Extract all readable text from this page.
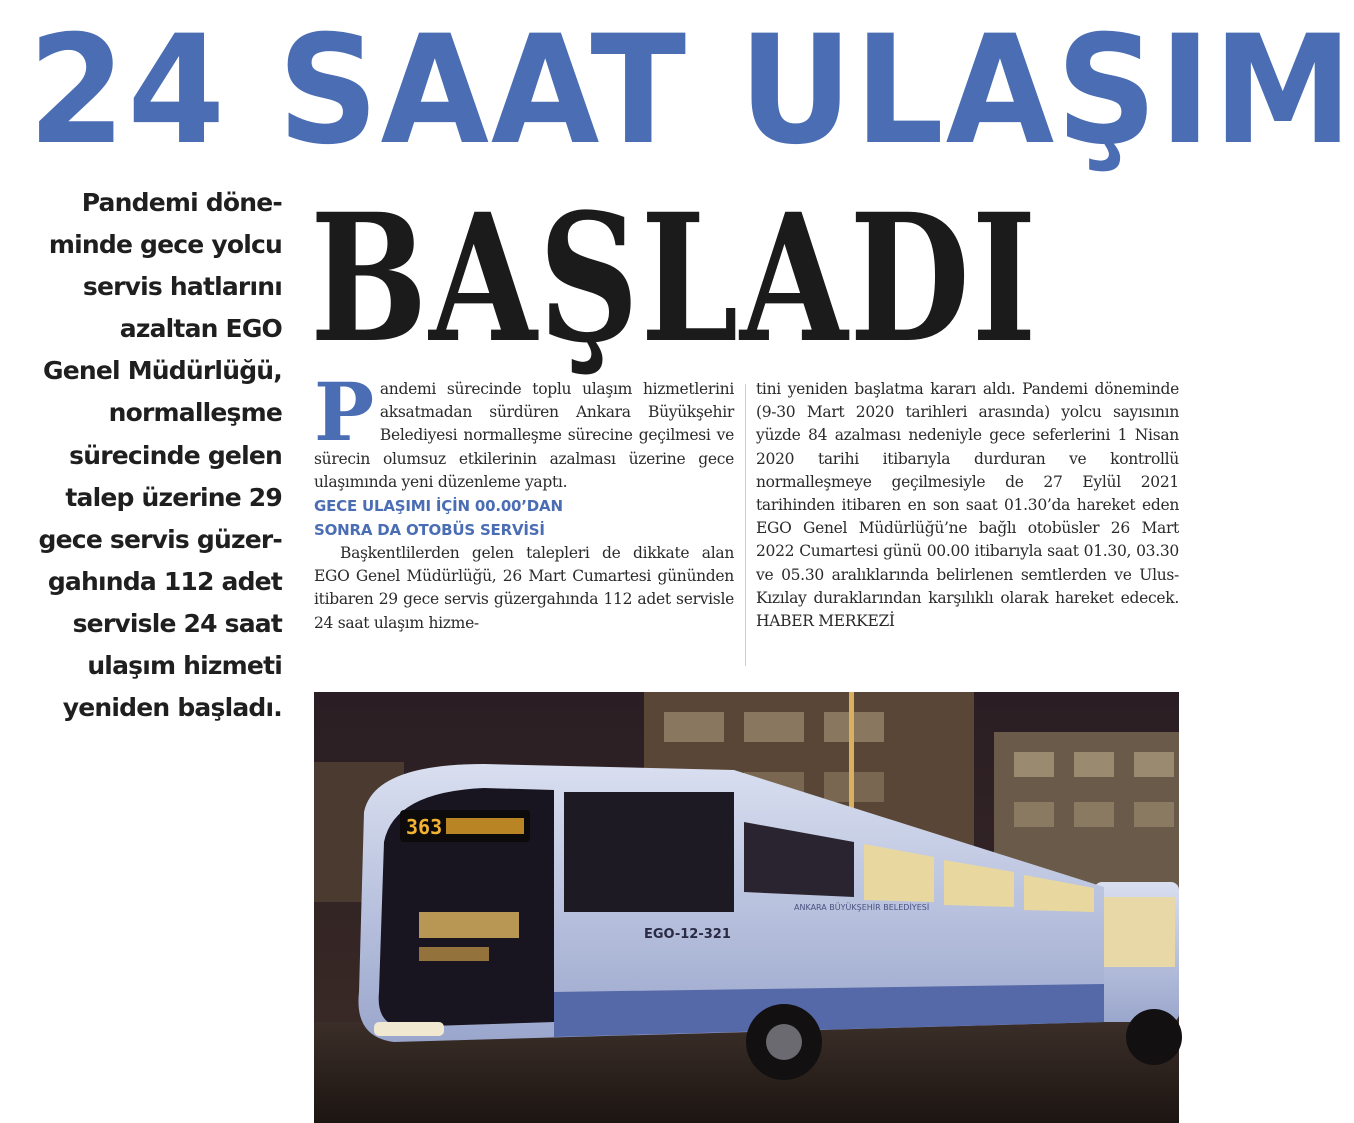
24 SAAT ULAŞIM
BAŞLADI

Pandemi döne-
minde gece yolcu
servis hatlarını
azaltan EGO
Genel Müdürlüğü,
normalleşme
sürecinde gelen
talep üzerine 29
gece servis güzer-
gahında 112 adet
servisle 24 saat
ulaşım hizmeti
yeniden başladı.

Pandemi sürecinde toplu ulaşım hizmetlerini aksatmadan sürdüren Ankara Büyükşehir Belediyesi normalleşme sürecine geçilmesi ve sürecin olumsuz etkilerinin azalması üzerine gece ulaşımında yeni düzenleme yaptı.

GECE ULAŞIMI İÇİN 00.00’DAN
SONRA DA OTOBÜS SERVİSİ

Başkentlilerden gelen talepleri de dikkate alan EGO Genel Müdürlüğü, 26 Mart Cumartesi gününden itibaren 29 gece servis güzergahında 112 adet servisle 24 saat ulaşım hizme-

tini yeniden başlatma kararı aldı. Pandemi döneminde (9-30 Mart 2020 tarihleri arasında) yolcu sayısının yüzde 84 azalması nedeniyle gece seferlerini 1 Nisan 2020 tarihi itibarıyla durduran ve kontrollü normalleşmeye geçilmesiyle de 27 Eylül 2021 tarihinden itibaren en son saat 01.30’da hareket eden EGO Genel Müdürlüğü’ne bağlı otobüsler 26 Mart 2022 Cumartesi günü 00.00 itibarıyla saat 01.30, 03.30 ve 05.30 aralıklarında belirlenen semtlerden ve Ulus-Kızılay duraklarından karşılıklı olarak hareket edecek. HABER MERKEZİ

363
EGO-12-321
ANKARA BÜYÜKŞEHİR BELEDİYESİ
